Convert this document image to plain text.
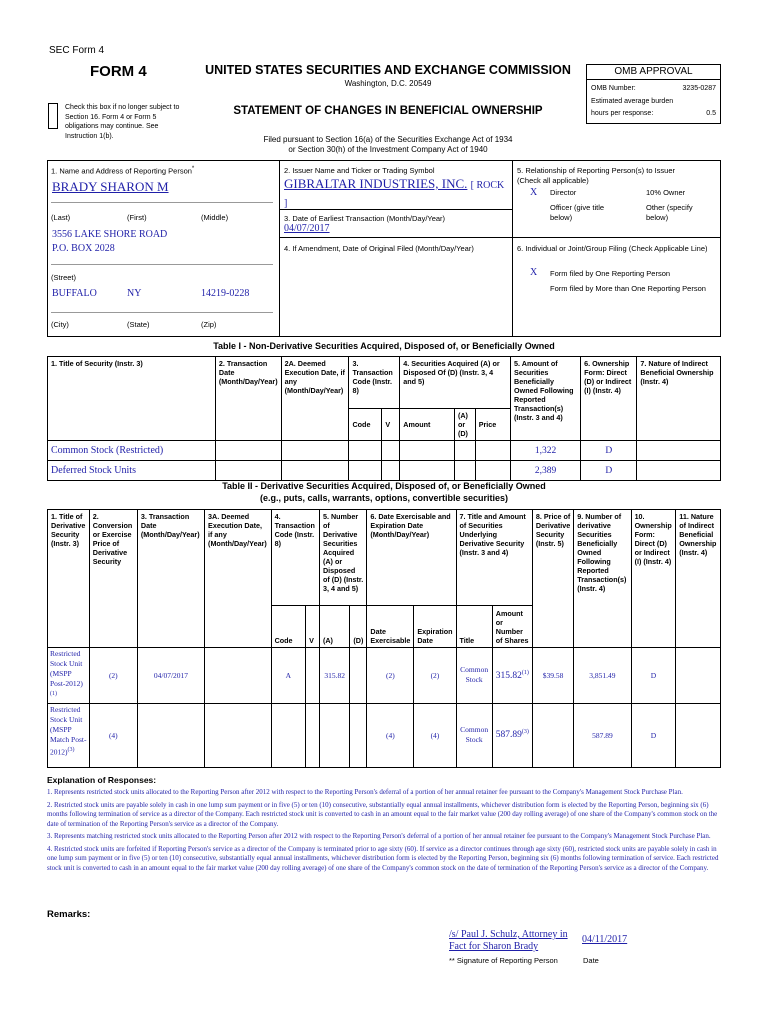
SEC Form 4
FORM 4	UNITED STATES SECURITIES AND EXCHANGE COMMISSION
Washington, D.C. 20549
Check this box if no longer subject to Section 16. Form 4 or Form 5 obligations may continue. See Instruction 1(b).
STATEMENT OF CHANGES IN BENEFICIAL OWNERSHIP
Filed pursuant to Section 16(a) of the Securities Exchange Act of 1934
or Section 30(h) of the Investment Company Act of 1940
OMB APPROVAL
OMB Number:	3235-0287
Estimated average burden
hours per response:	0.5
1. Name and Address of Reporting Person*
BRADY SHARON M
(Last)	(First)	(Middle)
3556 LAKE SHORE ROAD
P.O. BOX 2028
(Street)
BUFFALO	NY	14219-0228
(City)	(State)	(Zip)
2. Issuer Name and Ticker or Trading Symbol
GIBRALTAR INDUSTRIES, INC. [ ROCK ]
3. Date of Earliest Transaction (Month/Day/Year)
04/07/2017
4. If Amendment, Date of Original Filed (Month/Day/Year)
5. Relationship of Reporting Person(s) to Issuer
(Check all applicable)
X Director	10% Owner
Officer (give title below)
Other (specify below)
6. Individual or Joint/Group Filing (Check Applicable Line)
X Form filed by One Reporting Person
Form filed by More than One Reporting Person
Table I - Non-Derivative Securities Acquired, Disposed of, or Beneficially Owned
1. Title of Security (Instr. 3)	2. Transaction Date (Month/Day/Year)	2A. Deemed Execution Date, if any (Month/Day/Year)	3. Transaction Code (Instr. 8)		4. Securities Acquired (A) or Disposed Of (D) (Instr. 3, 4 and 5)			5. Amount of Securities Beneficially Owned Following Reported Transaction(s) (Instr. 3 and 4)	6. Ownership Form: Direct (D) or Indirect (I) (Instr. 4)	7. Nature of Indirect Beneficial Ownership (Instr. 4)
			Code	V	Amount	(A) or (D)	Price			
Common Stock (Restricted)								1,322	D	
Deferred Stock Units								2,389	D	
Table II - Derivative Securities Acquired, Disposed of, or Beneficially Owned
(e.g., puts, calls, warrants, options, convertible securities)
1. Title of Derivative Security (Instr. 3)	2. Conversion or Exercise Price of Derivative Security	3. Transaction Date (Month/Day/Year)	3A. Deemed Execution Date, if any (Month/Day/Year)	4. Transaction Code (Instr. 8)		5. Number of Derivative Securities Acquired (A) or Disposed of (D) (Instr. 3, 4 and 5)		6. Date Exercisable and Expiration Date (Month/Day/Year)		7. Title and Amount of Securities Underlying Derivative Security (Instr. 3 and 4)		8. Price of Derivative Security (Instr. 5)	9. Number of derivative Securities Beneficially Owned Following Reported Transaction(s) (Instr. 4)	10. Ownership Form: Direct (D) or Indirect (I) (Instr. 4)	11. Nature of Indirect Beneficial Ownership (Instr. 4)
				Code	V	(A)	(D)	Date Exercisable	Expiration Date	Title	Amount or Number of Shares				
Restricted Stock Unit (MSPP Post-2012)$^{(1)}$	(2)	04/07/2017		A		315.82		(2)	(2)	Common Stock	315.82$^{(1)}$	$39.58	3,851.49	D	
Restricted Stock Unit (MSPP Match Post-2012)$^{(3)}$	(4)							(4)	(4)	Common Stock	587.89$^{(3)}$		587.89	D	
Explanation of Responses:
1. Represents restricted stock units allocated to the Reporting Person after 2012 with respect to the Reporting Person's deferral of a portion of her annual retainer fee pursuant to the Company's Management Stock Purchase Plan.
2. Restricted stock units are payable solely in cash in one lump sum payment or in five (5) or ten (10) consecutive, substantially equal annual installments, whichever distribution form is elected by the Reporting Person, beginning six (6) months following termination of service as a director of the Company. Each restricted stock unit is converted to cash in an amount equal to the fair market value (200 day rolling average) of one share of the Company's common stock on the date of termination of the Reporting Person's service as a director of the Company.
3. Represents matching restricted stock units allocated to the Reporting Person after 2012 with respect to the Reporting Person's deferral of a portion of her annual retainer fee pursuant to the Company's Management Stock Purchase Plan.
4. Restricted stock units are forfeited if Reporting Person's service as a director of the Company is terminated prior to age sixty (60). If service as a director continues through age sixty (60), restricted stock units are payable solely in cash in one lump sum payment or in five (5) or ten (10) consecutive, substantially equal annual installments, whichever distribution form is elected by the Reporting Person, beginning six (6) months following termination of service. Each restricted stock unit is converted to cash in an amount equal to the fair market value (200 day rolling average) of one share of the Company's common stock on the date of termination of the Reporting Person's service as a director of the Company.
Remarks:
/s/ Paul J. Schulz, Attorney in Fact for Sharon Brady
04/11/2017
** Signature of Reporting Person	Date
